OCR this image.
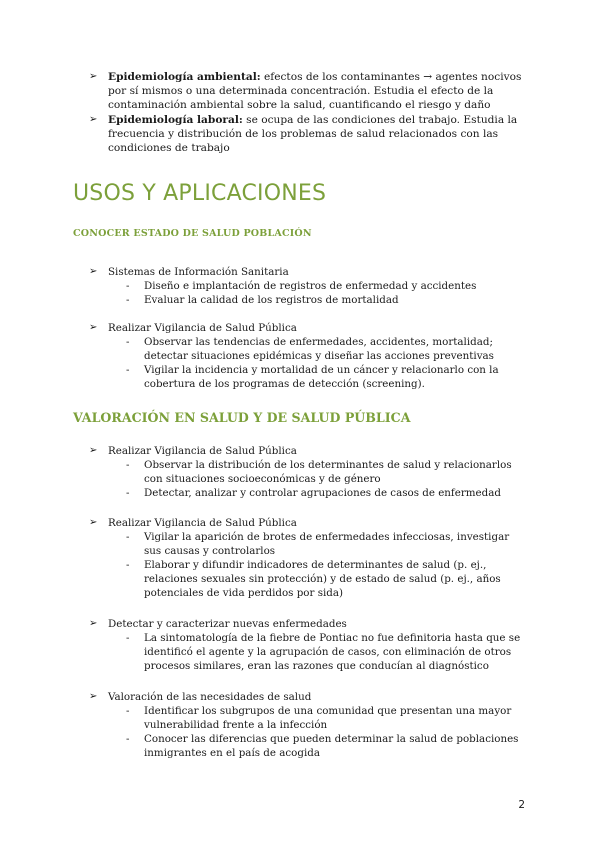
➢ Epidemiología ambiental: efectos de los contaminantes → agentes nocivos por sí mismos o una determinada concentración. Estudia el efecto de la contaminación ambiental sobre la salud, cuantificando el riesgo y daño
➢ Epidemiología laboral: se ocupa de las condiciones del trabajo. Estudia la frecuencia y distribución de los problemas de salud relacionados con las condiciones de trabajo
USOS Y APLICACIONES
CONOCER ESTADO DE SALUD POBLACIÓN
➢ Sistemas de Información Sanitaria
- Diseño e implantación de registros de enfermedad y accidentes
- Evaluar la calidad de los registros de mortalidad
➢ Realizar Vigilancia de Salud Pública
- Observar las tendencias de enfermedades, accidentes, mortalidad; detectar situaciones epidémicas y diseñar las acciones preventivas
- Vigilar la incidencia y mortalidad de un cáncer y relacionarlo con la cobertura de los programas de detección (screening).
VALORACIÓN EN SALUD Y DE SALUD PÚBLICA
➢ Realizar Vigilancia de Salud Pública
- Observar la distribución de los determinantes de salud y relacionarlos con situaciones socioeconómicas y de género
- Detectar, analizar y controlar agrupaciones de casos de enfermedad
➢ Realizar Vigilancia de Salud Pública
- Vigilar la aparición de brotes de enfermedades infecciosas, investigar sus causas y controlarlos
- Elaborar y difundir indicadores de determinantes de salud (p. ej., relaciones sexuales sin protección) y de estado de salud (p. ej., años potenciales de vida perdidos por sida)
➢ Detectar y caracterizar nuevas enfermedades
- La sintomatología de la fiebre de Pontiac no fue definitoria hasta que se identificó el agente y la agrupación de casos, con eliminación de otros procesos similares, eran las razones que conducían al diagnóstico
➢ Valoración de las necesidades de salud
- Identificar los subgrupos de una comunidad que presentan una mayor vulnerabilidad frente a la infección
- Conocer las diferencias que pueden determinar la salud de poblaciones inmigrantes en el país de acogida
2
